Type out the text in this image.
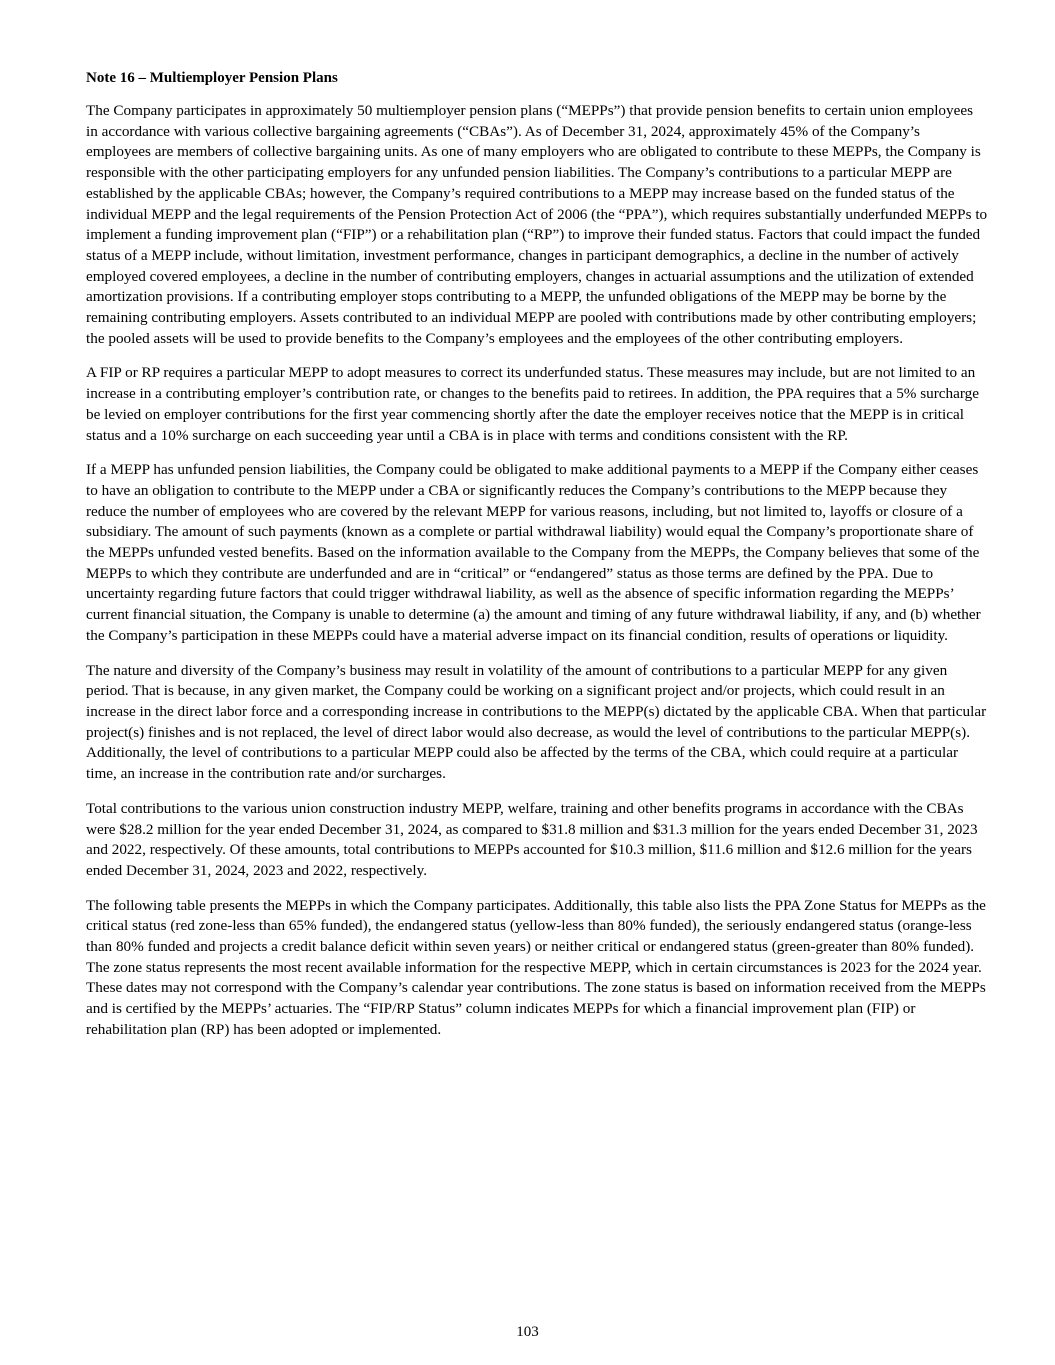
Note 16 – Multiemployer Pension Plans

The Company participates in approximately 50 multiemployer pension plans (“MEPPs”) that provide pension benefits to certain union employees in accordance with various collective bargaining agreements (“CBAs”). As of December 31, 2024, approximately 45% of the Company’s employees are members of collective bargaining units. As one of many employers who are obligated to contribute to these MEPPs, the Company is responsible with the other participating employers for any unfunded pension liabilities. The Company’s contributions to a particular MEPP are established by the applicable CBAs; however, the Company’s required contributions to a MEPP may increase based on the funded status of the individual MEPP and the legal requirements of the Pension Protection Act of 2006 (the “PPA”), which requires substantially underfunded MEPPs to implement a funding improvement plan (“FIP”) or a rehabilitation plan (“RP”) to improve their funded status. Factors that could impact the funded status of a MEPP include, without limitation, investment performance, changes in participant demographics, a decline in the number of actively employed covered employees, a decline in the number of contributing employers, changes in actuarial assumptions and the utilization of extended amortization provisions. If a contributing employer stops contributing to a MEPP, the unfunded obligations of the MEPP may be borne by the remaining contributing employers. Assets contributed to an individual MEPP are pooled with contributions made by other contributing employers; the pooled assets will be used to provide benefits to the Company’s employees and the employees of the other contributing employers.

A FIP or RP requires a particular MEPP to adopt measures to correct its underfunded status. These measures may include, but are not limited to an increase in a contributing employer’s contribution rate, or changes to the benefits paid to retirees. In addition, the PPA requires that a 5% surcharge be levied on employer contributions for the first year commencing shortly after the date the employer receives notice that the MEPP is in critical status and a 10% surcharge on each succeeding year until a CBA is in place with terms and conditions consistent with the RP.

If a MEPP has unfunded pension liabilities, the Company could be obligated to make additional payments to a MEPP if the Company either ceases to have an obligation to contribute to the MEPP under a CBA or significantly reduces the Company’s contributions to the MEPP because they reduce the number of employees who are covered by the relevant MEPP for various reasons, including, but not limited to, layoffs or closure of a subsidiary. The amount of such payments (known as a complete or partial withdrawal liability) would equal the Company’s proportionate share of the MEPPs unfunded vested benefits. Based on the information available to the Company from the MEPPs, the Company believes that some of the MEPPs to which they contribute are underfunded and are in “critical” or “endangered” status as those terms are defined by the PPA. Due to uncertainty regarding future factors that could trigger withdrawal liability, as well as the absence of specific information regarding the MEPPs’ current financial situation, the Company is unable to determine (a) the amount and timing of any future withdrawal liability, if any, and (b) whether the Company’s participation in these MEPPs could have a material adverse impact on its financial condition, results of operations or liquidity.

The nature and diversity of the Company’s business may result in volatility of the amount of contributions to a particular MEPP for any given period. That is because, in any given market, the Company could be working on a significant project and/or projects, which could result in an increase in the direct labor force and a corresponding increase in contributions to the MEPP(s) dictated by the applicable CBA. When that particular project(s) finishes and is not replaced, the level of direct labor would also decrease, as would the level of contributions to the particular MEPP(s). Additionally, the level of contributions to a particular MEPP could also be affected by the terms of the CBA, which could require at a particular time, an increase in the contribution rate and/or surcharges.

Total contributions to the various union construction industry MEPP, welfare, training and other benefits programs in accordance with the CBAs were $28.2 million for the year ended December 31, 2024, as compared to $31.8 million and $31.3 million for the years ended December 31, 2023 and 2022, respectively. Of these amounts, total contributions to MEPPs accounted for $10.3 million, $11.6 million and $12.6 million for the years ended December 31, 2024, 2023 and 2022, respectively.

The following table presents the MEPPs in which the Company participates. Additionally, this table also lists the PPA Zone Status for MEPPs as the critical status (red zone-less than 65% funded), the endangered status (yellow-less than 80% funded), the seriously endangered status (orange-less than 80% funded and projects a credit balance deficit within seven years) or neither critical or endangered status (green-greater than 80% funded). The zone status represents the most recent available information for the respective MEPP, which in certain circumstances is 2023 for the 2024 year. These dates may not correspond with the Company’s calendar year contributions. The zone status is based on information received from the MEPPs and is certified by the MEPPs’ actuaries. The “FIP/RP Status” column indicates MEPPs for which a financial improvement plan (FIP) or rehabilitation plan (RP) has been adopted or implemented.

103
